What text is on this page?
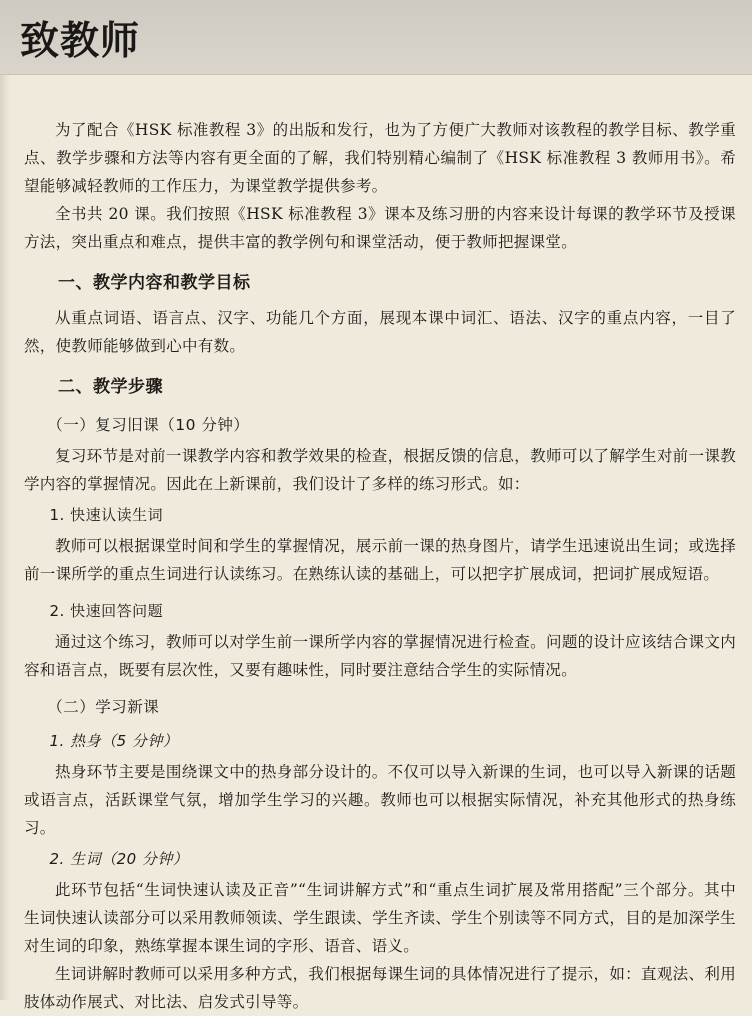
致教师

为了配合《HSK 标准教程 3》的出版和发行，也为了方便广大教师对该教程的教学目标、教学重点、教学步骤和方法等内容有更全面的了解，我们特别精心编制了《HSK 标准教程 3 教师用书》。希望能够减轻教师的工作压力，为课堂教学提供参考。

全书共 20 课。我们按照《HSK 标准教程 3》课本及练习册的内容来设计每课的教学环节及授课方法，突出重点和难点，提供丰富的教学例句和课堂活动，便于教师把握课堂。

一、教学内容和教学目标

从重点词语、语言点、汉字、功能几个方面，展现本课中词汇、语法、汉字的重点内容，一目了然，使教师能够做到心中有数。

二、教学步骤
（一）复习旧课（10 分钟）

复习环节是对前一课教学内容和教学效果的检查，根据反馈的信息，教师可以了解学生对前一课教学内容的掌握情况。因此在上新课前，我们设计了多样的练习形式。如：

1. 快速认读生词

教师可以根据课堂时间和学生的掌握情况，展示前一课的热身图片，请学生迅速说出生词；或选择前一课所学的重点生词进行认读练习。在熟练认读的基础上，可以把字扩展成词，把词扩展成短语。

2. 快速回答问题

通过这个练习，教师可以对学生前一课所学内容的掌握情况进行检查。问题的设计应该结合课文内容和语言点，既要有层次性，又要有趣味性，同时要注意结合学生的实际情况。

（二）学习新课
1. 热身（5 分钟）

热身环节主要是围绕课文中的热身部分设计的。不仅可以导入新课的生词，也可以导入新课的话题或语言点，活跃课堂气氛，增加学生学习的兴趣。教师也可以根据实际情况，补充其他形式的热身练习。

2. 生词（20 分钟）

此环节包括“生词快速认读及正音”“生词讲解方式”和“重点生词扩展及常用搭配”三个部分。其中生词快速认读部分可以采用教师领读、学生跟读、学生齐读、学生个别读等不同方式，目的是加深学生对生词的印象，熟练掌握本课生词的字形、语音、语义。

生词讲解时教师可以采用多种方式，我们根据每课生词的具体情况进行了提示，如：直观法、利用肢体动作展式、对比法、启发式引导等。
